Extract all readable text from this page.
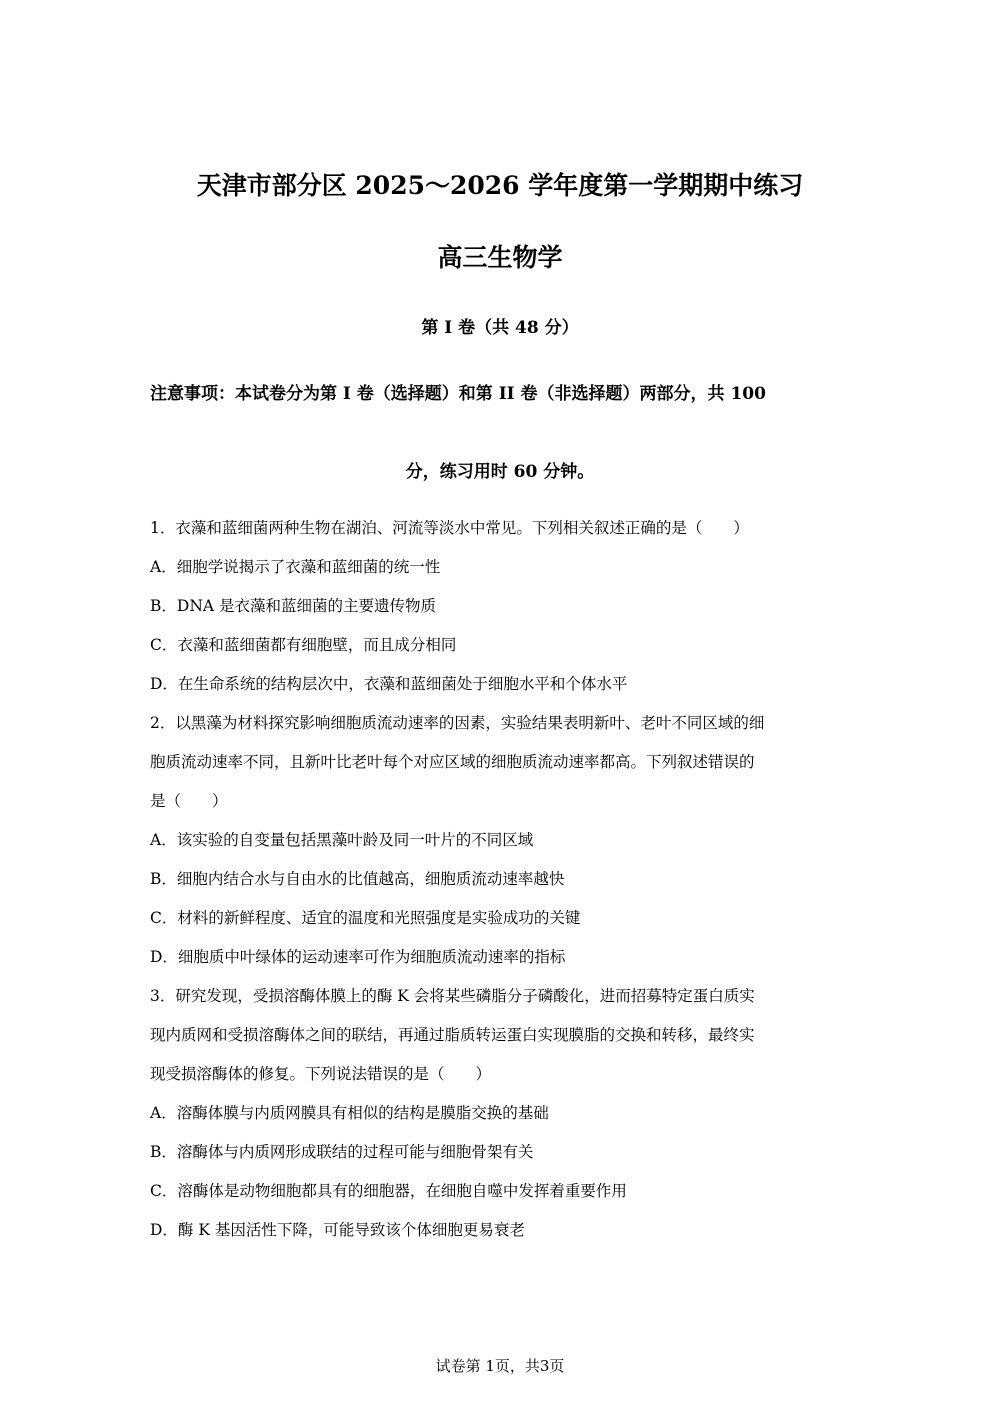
天津市部分区 2025～2026 学年度第一学期期中练习
高三生物学
第 I 卷（共 48 分）
注意事项：本试卷分为第 I 卷（选择题）和第 II 卷（非选择题）两部分，共 100
分，练习用时 60 分钟。
1．衣藻和蓝细菌两种生物在湖泊、河流等淡水中常见。下列相关叙述正确的是（　　）
A．细胞学说揭示了衣藻和蓝细菌的统一性
B．DNA 是衣藻和蓝细菌的主要遗传物质
C．衣藻和蓝细菌都有细胞壁，而且成分相同
D．在生命系统的结构层次中，衣藻和蓝细菌处于细胞水平和个体水平
2．以黑藻为材料探究影响细胞质流动速率的因素，实验结果表明新叶、老叶不同区域的细
胞质流动速率不同，且新叶比老叶每个对应区域的细胞质流动速率都高。下列叙述错误的
是（　　）
A．该实验的自变量包括黑藻叶龄及同一叶片的不同区域
B．细胞内结合水与自由水的比值越高，细胞质流动速率越快
C．材料的新鲜程度、适宜的温度和光照强度是实验成功的关键
D．细胞质中叶绿体的运动速率可作为细胞质流动速率的指标
3．研究发现，受损溶酶体膜上的酶 K 会将某些磷脂分子磷酸化，进而招募特定蛋白质实
现内质网和受损溶酶体之间的联结，再通过脂质转运蛋白实现膜脂的交换和转移，最终实
现受损溶酶体的修复。下列说法错误的是（　　）
A．溶酶体膜与内质网膜具有相似的结构是膜脂交换的基础
B．溶酶体与内质网形成联结的过程可能与细胞骨架有关
C．溶酶体是动物细胞都具有的细胞器，在细胞自噬中发挥着重要作用
D．酶 K 基因活性下降，可能导致该个体细胞更易衰老
试卷第 1页，共3页
